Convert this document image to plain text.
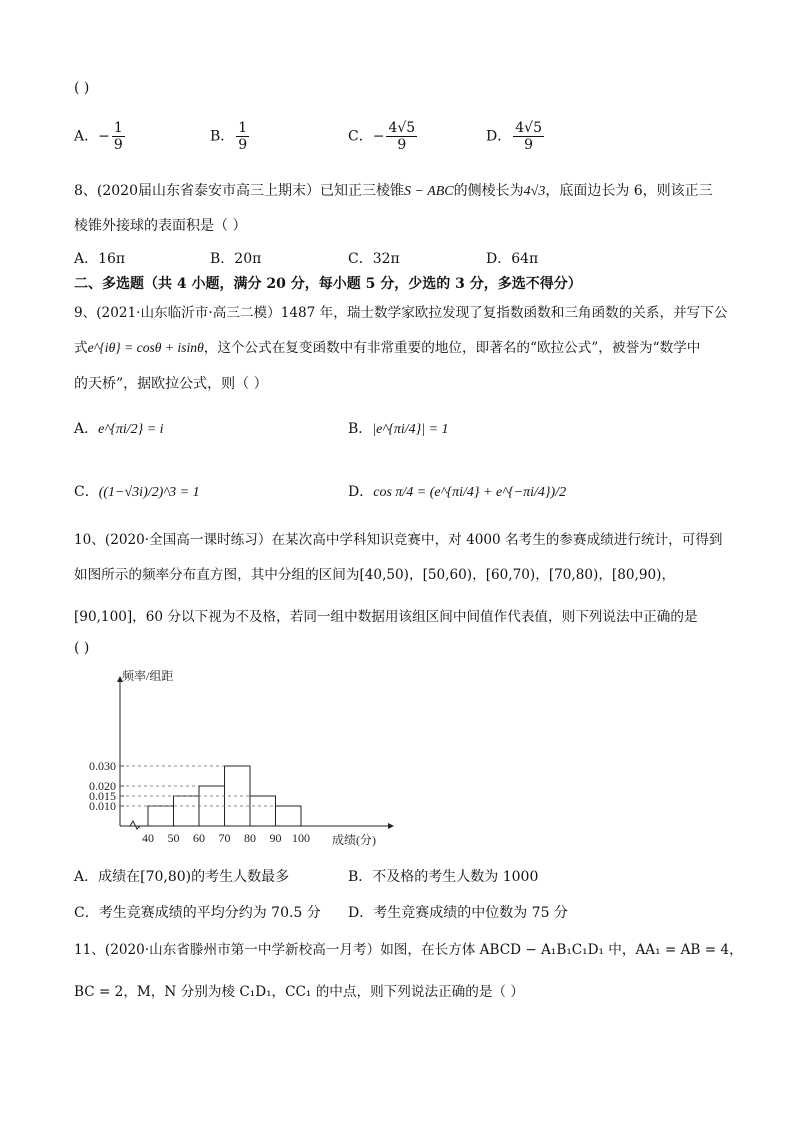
( )
A．− $\frac{1}{9}$	B． $\frac{1}{9}$	C．− $\frac{4√5}{9}$	D． $\frac{4√5}{9}$
8、(2020届山东省泰安市高三上期末）已知正三棱锥S − ABC的侧棱长为4√3，底面边长为 6，则该正三
棱锥外接球的表面积是（ ）
A．16π	B．20π	C．32π	D．64π
二、多选题（共 4 小题，满分 20 分，每小题 5 分，少选的 3 分，多选不得分）
9、(2021·山东临沂市·高三二模）1487 年，瑞士数学家欧拉发现了复指数函数和三角函数的关系，并写下公
式e^{iθ} = cosθ + isinθ，这个公式在复变函数中有非常重要的地位，即著名的“欧拉公式”，被誉为“数学中
的天桥”，据欧拉公式，则（ ）
A．e^{πi/2} = i	B．|e^{πi/4}| = 1
C．((1−√3i)/2)^3 = 1	D．cos π/4 = (e^{πi/4} + e^{−πi/4})/2
10、(2020·全国高一课时练习）在某次高中学科知识竞赛中，对 4000 名考生的参赛成绩进行统计，可得到
如图所示的频率分布直方图，其中分组的区间为[40,50)，[50,60)，[60,70)，[70,80)，[80,90)，
[90,100]，60 分以下视为不及格，若同一组中数据用该组区间中间值作代表值，则下列说法中正确的是
( )
频率/组距
成绩(分)
0.030
0.020
0.015
0.010
40 50 60 70 80 90 100
A．成绩在[70,80)的考生人数最多	B．不及格的考生人数为 1000
C．考生竞赛成绩的平均分约为 70.5 分 D．考生竞赛成绩的中位数为 75 分
11、(2020·山东省滕州市第一中学新校高一月考）如图，在长方体 ABCD − A₁B₁C₁D₁ 中，AA₁ = AB = 4，
BC = 2，M，N 分别为棱 C₁D₁，CC₁ 的中点，则下列说法正确的是（ ）
